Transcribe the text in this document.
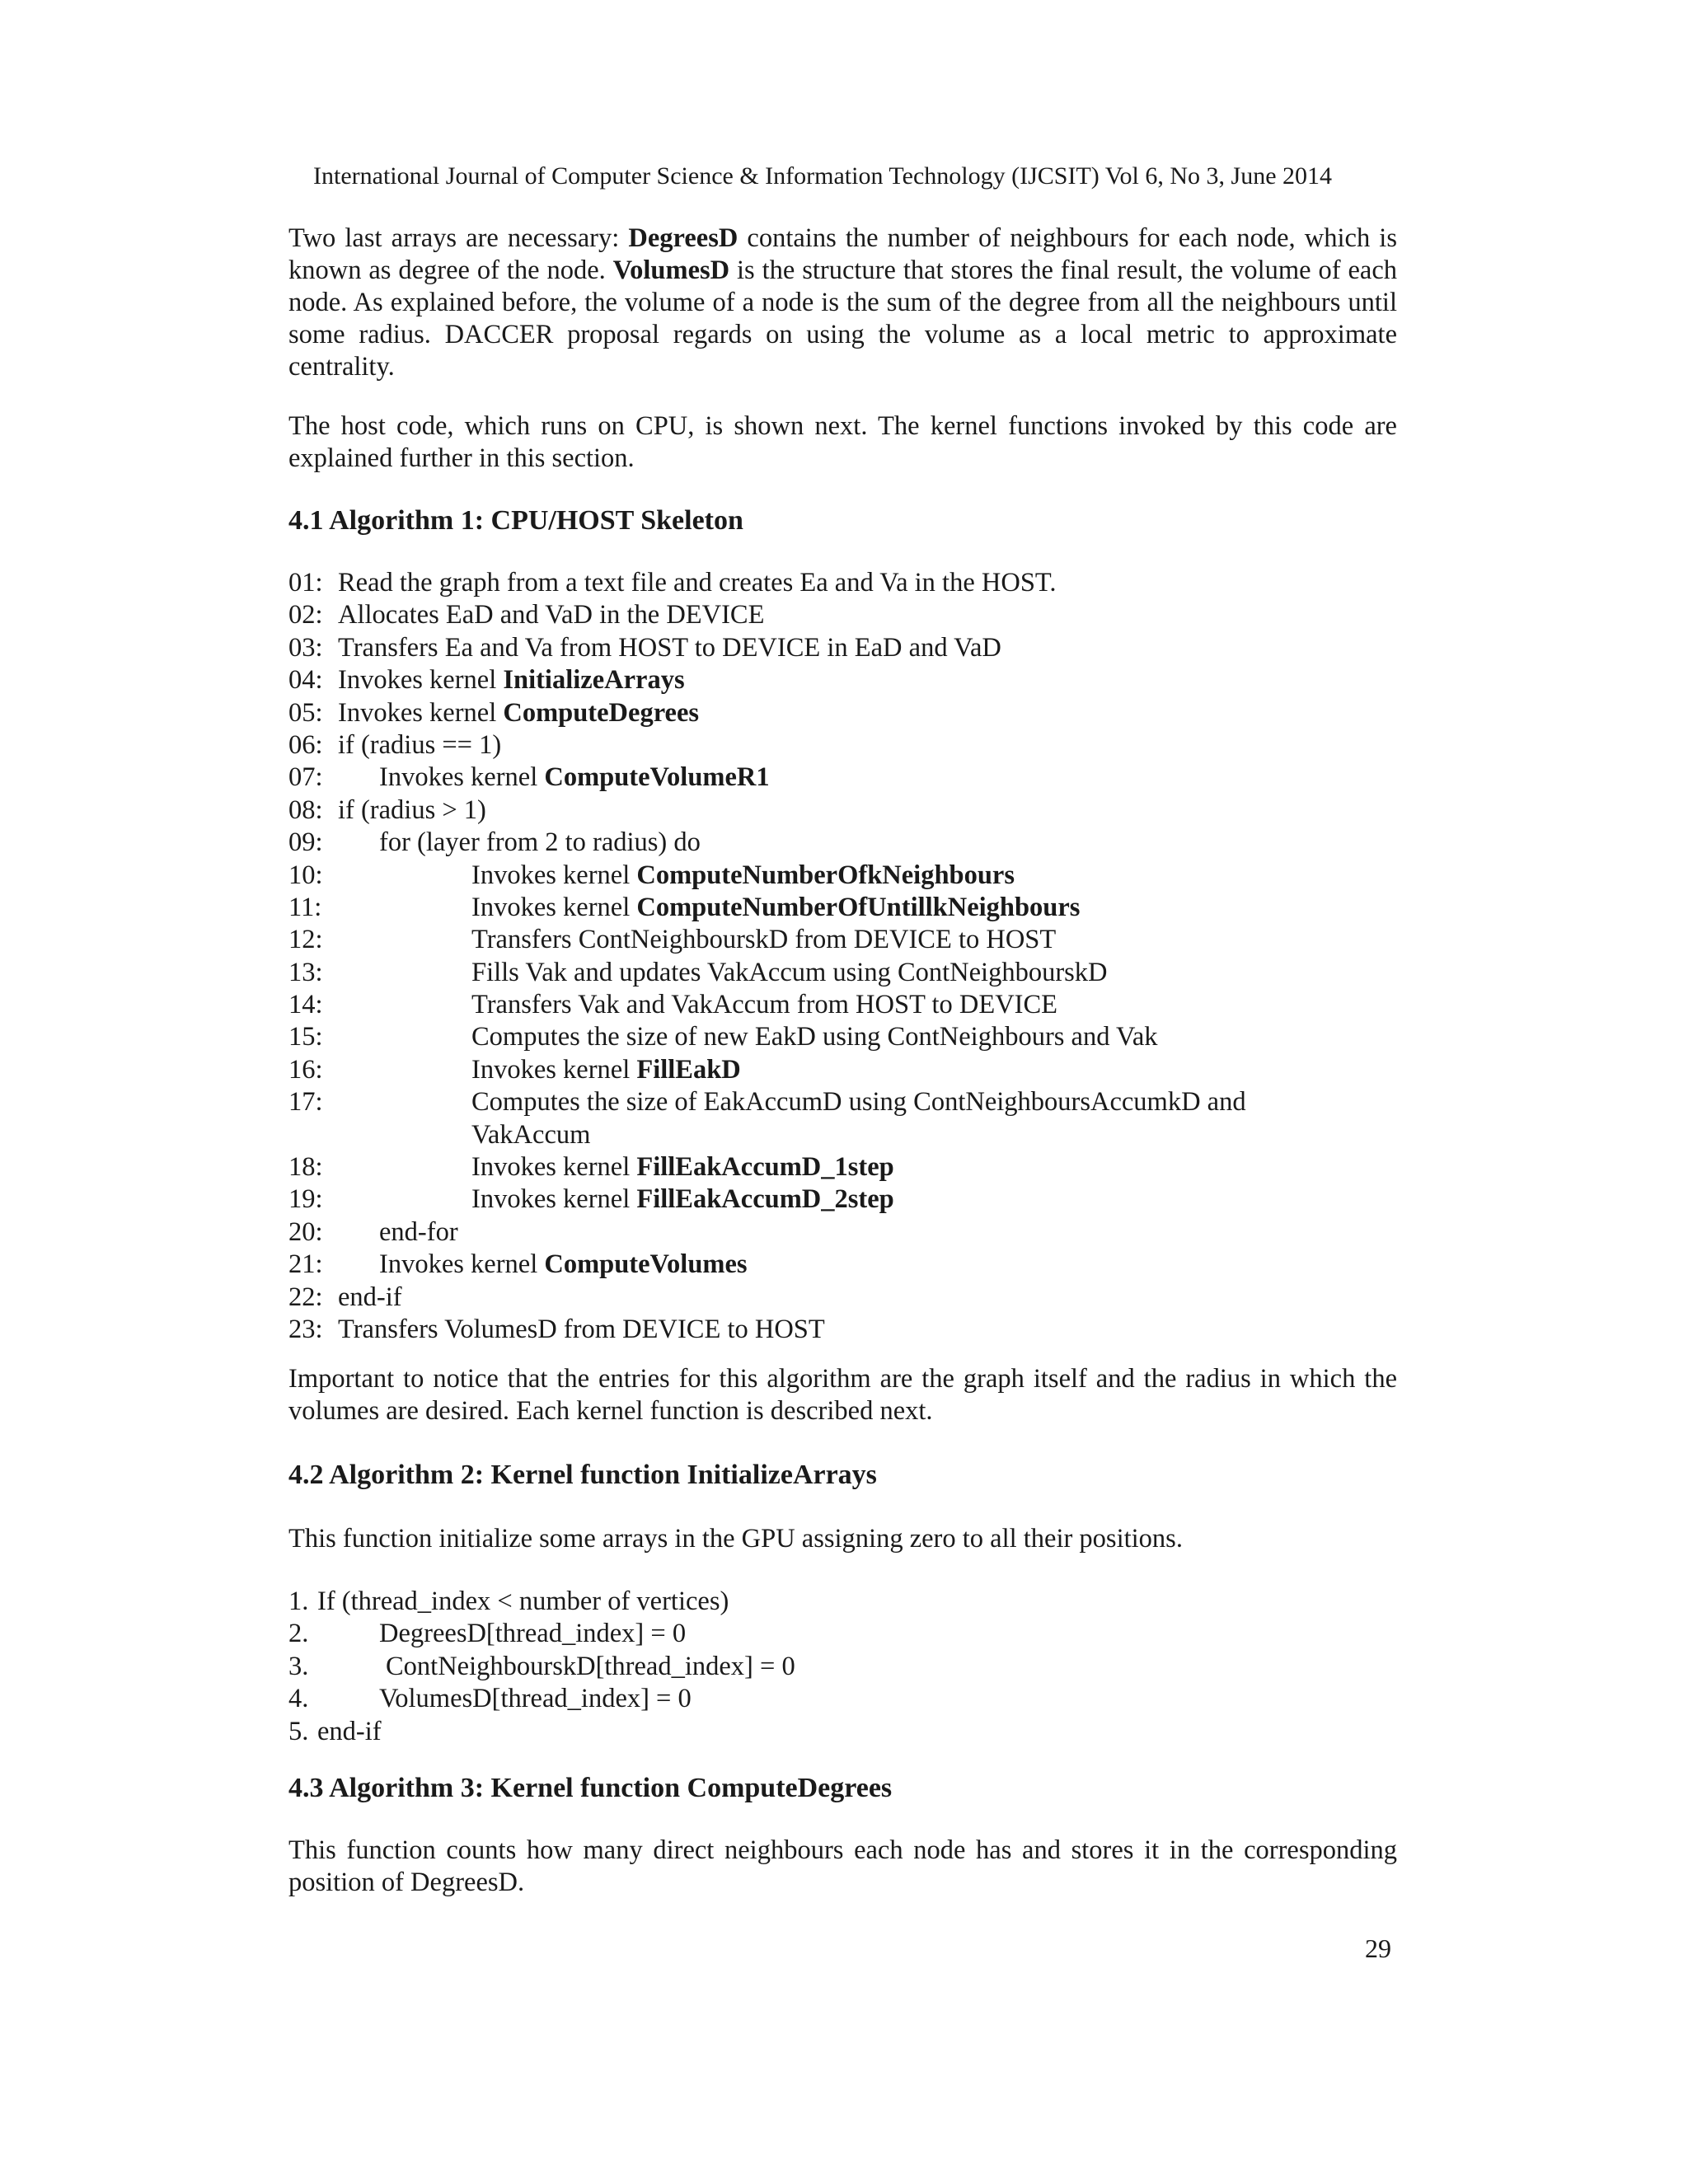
International Journal of Computer Science & Information Technology (IJCSIT) Vol 6, No 3, June 2014

Two last arrays are necessary: DegreesD contains the number of neighbours for each node, which is known as degree of the node. VolumesD is the structure that stores the final result, the volume of each node. As explained before, the volume of a node is the sum of the degree from all the neighbours until some radius. DACCER proposal regards on using the volume as a local metric to approximate centrality.

The host code, which runs on CPU, is shown next. The kernel functions invoked by this code are explained further in this section.

4.1 Algorithm 1: CPU/HOST Skeleton

01: Read the graph from a text file and creates Ea and Va in the HOST.
02: Allocates EaD and VaD in the DEVICE
03: Transfers Ea and Va from HOST to DEVICE in EaD and VaD
04: Invokes kernel InitializeArrays
05: Invokes kernel ComputeDegrees
06: if (radius == 1)
07: Invokes kernel ComputeVolumeR1
08: if (radius > 1)
09: for (layer from 2 to radius) do
10:	Invokes kernel ComputeNumberOfkNeighbours
11:	Invokes kernel ComputeNumberOfUntillkNeighbours
12:	Transfers ContNeighbourskD from DEVICE to HOST
13:	Fills Vak and updates VakAccum using ContNeighbourskD
14:	Transfers Vak and VakAccum from HOST to DEVICE
15:	Computes the size of new EakD using ContNeighbours and Vak
16:	Invokes kernel FillEakD
17:	Computes the size of EakAccumD using ContNeighboursAccumkD and
VakAccum
18:	Invokes kernel FillEakAccumD_1step
19:	Invokes kernel FillEakAccumD_2step
20: end-for
21: Invokes kernel ComputeVolumes
22: end-if
23: Transfers VolumesD from DEVICE to HOST

Important to notice that the entries for this algorithm are the graph itself and the radius in which the volumes are desired. Each kernel function is described next.

4.2 Algorithm 2: Kernel function InitializeArrays

This function initialize some arrays in the GPU assigning zero to all their positions.

1. If (thread_index < number of vertices)
2.	DegreesD[thread_index] = 0
3.	ContNeighbourskD[thread_index] = 0
4.	VolumesD[thread_index] = 0
5. end-if

4.3 Algorithm 3: Kernel function ComputeDegrees

This function counts how many direct neighbours each node has and stores it in the corresponding position of DegreesD.

29
